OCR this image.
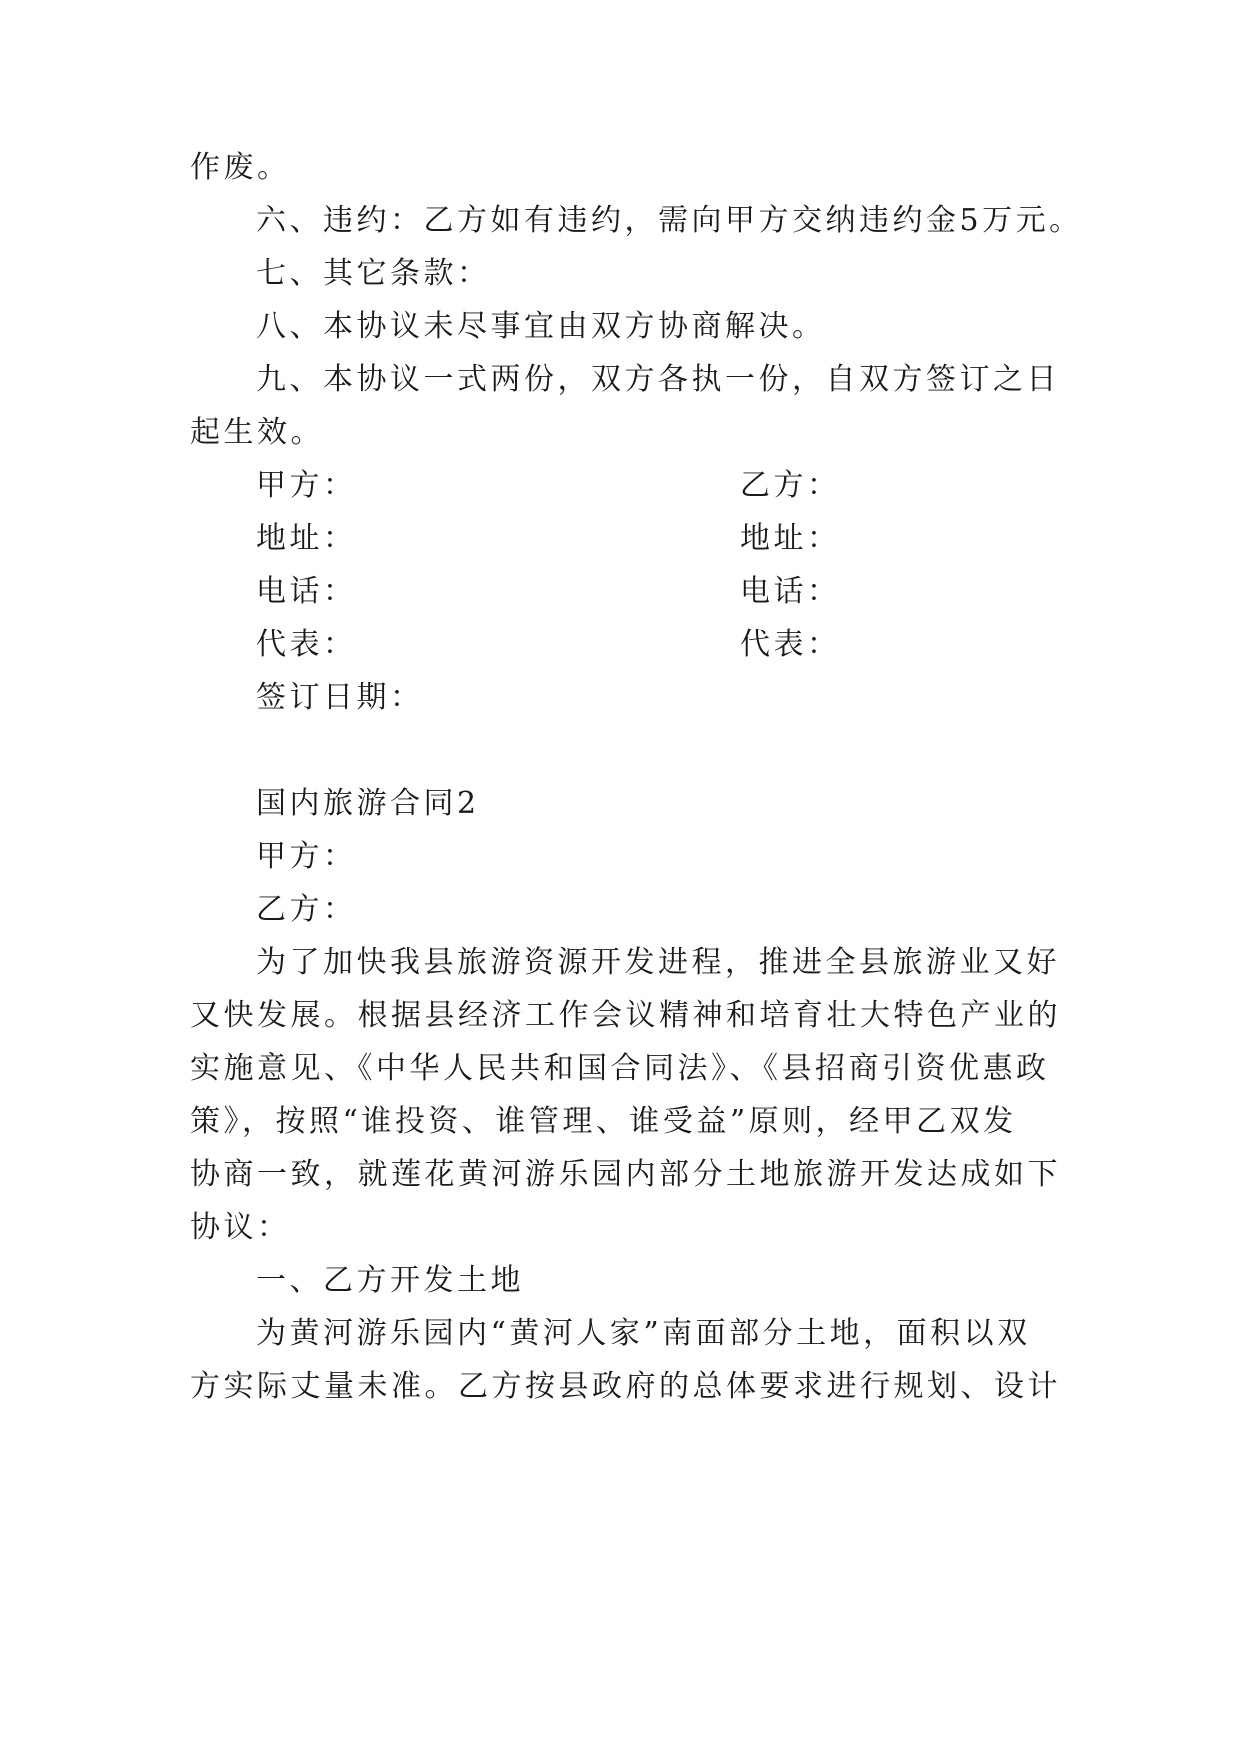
作废。
六、违约：乙方如有违约，需向甲方交纳违约金5万元。
七、其它条款：
八、本协议未尽事宜由双方协商解决。
九、本协议一式两份，双方各执一份，自双方签订之日
起生效。
甲方：	乙方：
地址：	地址：
电话：	电话：
代表：	代表：
签订日期：
国内旅游合同2
甲方：
乙方：
为了加快我县旅游资源开发进程，推进全县旅游业又好
又快发展。根据县经济工作会议精神和培育壮大特色产业的
实施意见、《中华人民共和国合同法》、《县招商引资优惠政
策》，按照“谁投资、谁管理、谁受益”原则，经甲乙双发
协商一致，就莲花黄河游乐园内部分土地旅游开发达成如下
协议：
一、乙方开发土地
为黄河游乐园内“黄河人家”南面部分土地，面积以双
方实际丈量未准。乙方按县政府的总体要求进行规划、设计
